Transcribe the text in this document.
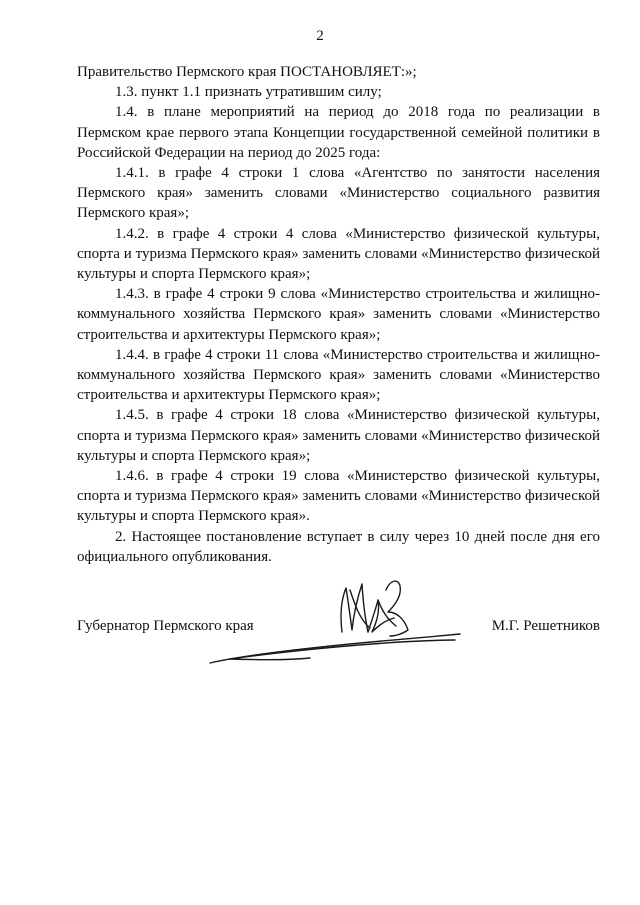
2

Правительство Пермского края ПОСТАНОВЛЯЕТ:»;

1.3. пункт 1.1 признать утратившим силу;

1.4. в плане мероприятий на период до 2018 года по реализации в Пермском крае первого этапа Концепции государственной семейной политики в Российской Федерации на период до 2025 года:

1.4.1. в графе 4 строки 1 слова «Агентство по занятости населения Пермского края» заменить словами «Министерство социального развития Пермского края»;

1.4.2. в графе 4 строки 4 слова «Министерство физической культуры, спорта и туризма Пермского края» заменить словами «Министерство физической культуры и спорта Пермского края»;

1.4.3. в графе 4 строки 9 слова «Министерство строительства и жилищно-коммунального хозяйства Пермского края» заменить словами «Министерство строительства и архитектуры Пермского края»;

1.4.4. в графе 4 строки 11 слова «Министерство строительства и жилищно-коммунального хозяйства Пермского края» заменить словами «Министерство строительства и архитектуры Пермского края»;

1.4.5. в графе 4 строки 18 слова «Министерство физической культуры, спорта и туризма Пермского края» заменить словами «Министерство физической культуры и спорта Пермского края»;

1.4.6. в графе 4 строки 19 слова «Министерство физической культуры, спорта и туризма Пермского края» заменить словами «Министерство физической культуры и спорта Пермского края».

2. Настоящее постановление вступает в силу через 10 дней после дня его официального опубликования.

Губернатор Пермского края	М.Г. Решетников
